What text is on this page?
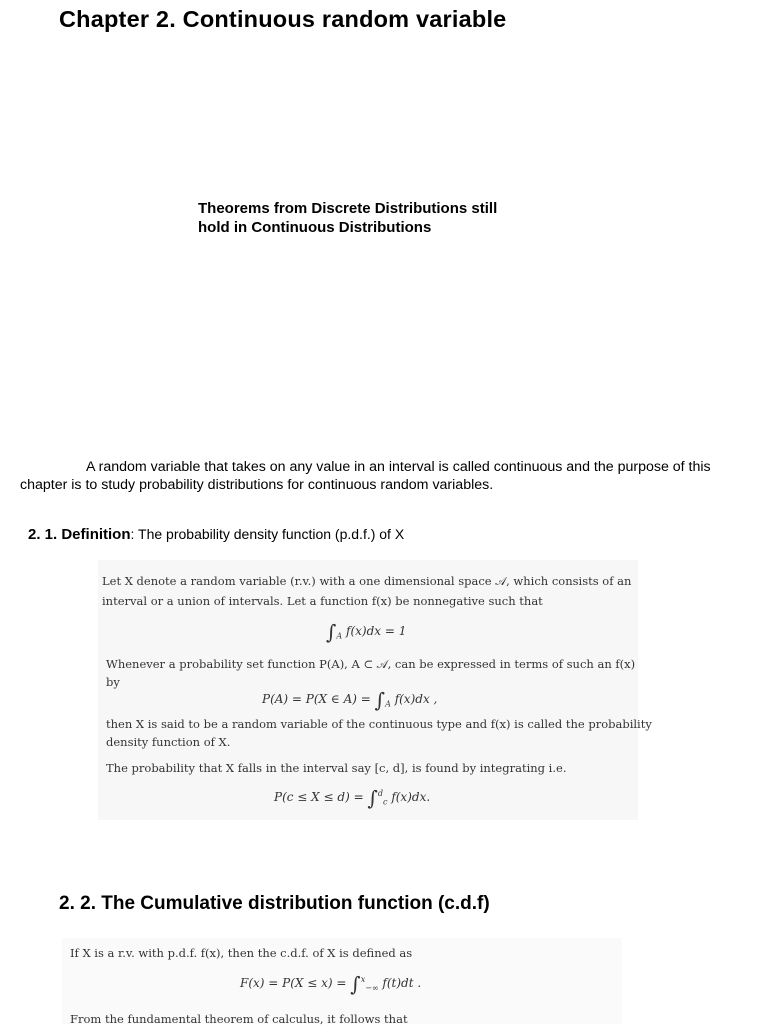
Chapter 2. Continuous random variable
Theorems from Discrete Distributions still
hold in Continuous Distributions
A random variable that takes on any value in an interval is called continuous and the purpose of this chapter is to study probability distributions for continuous random variables.
2. 1. Definition: The probability density function (p.d.f.) of X
Let X denote a random variable (r.v.) with a one dimensional space 𝒜, which consists of an
interval or a union of intervals. Let a function f(x) be nonnegative such that
$\int_A$ f(x)dx = 1
Whenever a probability set function P(A), A ⊂ 𝒜, can be expressed in terms of such an f(x)
by
P(A) = P(X ∈ $A) = \int_A$ f(x)dx ,
then X is said to be a random variable of the continuous type and f(x) is called the probability
density function of X.
The probability that X falls in the interval say [c, d], is found by integrating i.e.
P(c ≤ X ≤ d) = ∫$^d_c$ f(x)dx.
2. 2. The Cumulative distribution function (c.d.f)
If X is a r.v. with p.d.f. f(x), then the c.d.f. of X is defined as
F(x) = P(X ≤ x) = ∫$^x_{-\infty}$ f(t)dt .
From the fundamental theorem of calculus, it follows that
